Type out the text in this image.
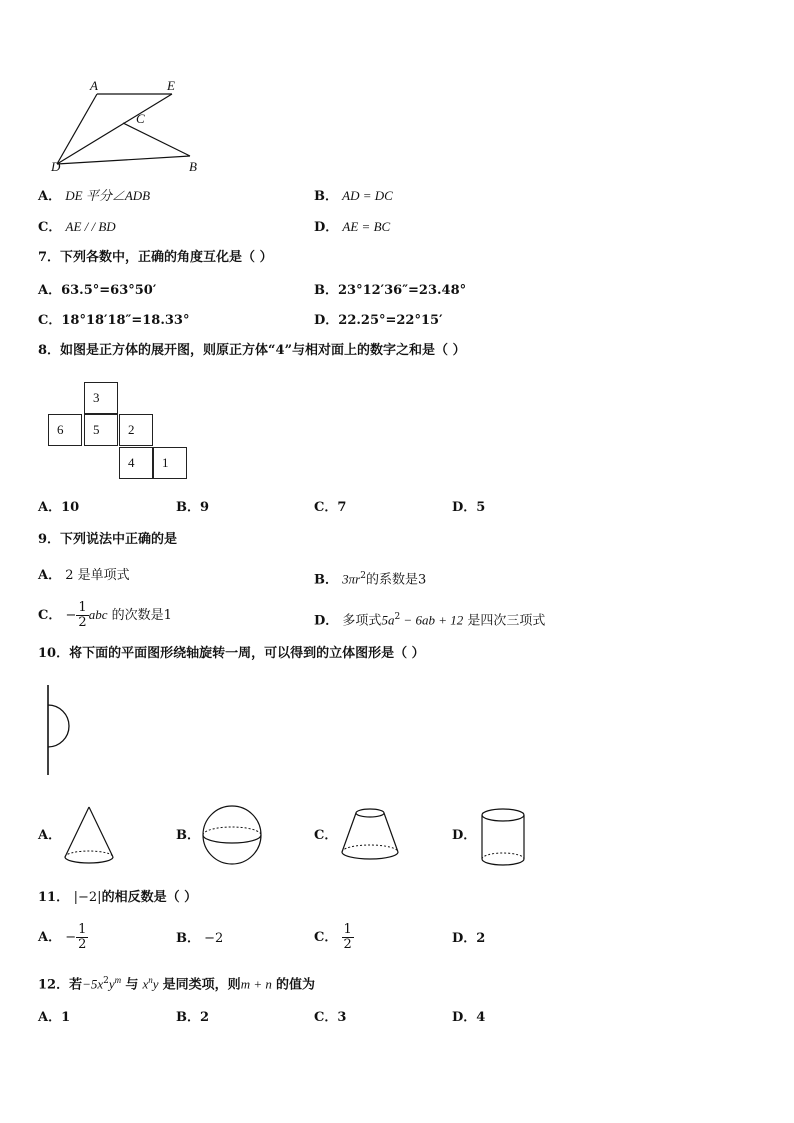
A	E
C
D	B
A． DE 平分∠ADB	B． AD = DC
C． AE / / BD	D． AE = BC
7．下列各数中，正确的角度互化是（ ）
A．63.5°=63°50′	B．23°12′36″=23.48°
C．18°18′18″=18.33°	D．22.25°=22°15′
8．如图是正方体的展开图，则原正方体“4”与相对面上的数字之和是（ ）
3
6	5	2
4	1
A．10	B．9	C．7	D．5
9．下列说法中正确的是
A． 2 是单项式	B． $3\pi r^2$的系数是3
C． − $\frac{1}{2}$ abc 的次数是1	D． 多项式$5a^2 - 6ab + 12$ 是四次三项式
10．将下面的平面图形绕轴旋转一周，可以得到的立体图形是（ ）
A．	B．	C．	D．
11． |−2|的相反数是（ ）
A． − $\frac{1}{2}$	B． −2	C． $\frac{1}{2}$	D．2
12．若$-5x^2y^m$ 与 $x^ny$ 是同类项，则m + n 的值为
A．1	B．2	C．3	D．4
